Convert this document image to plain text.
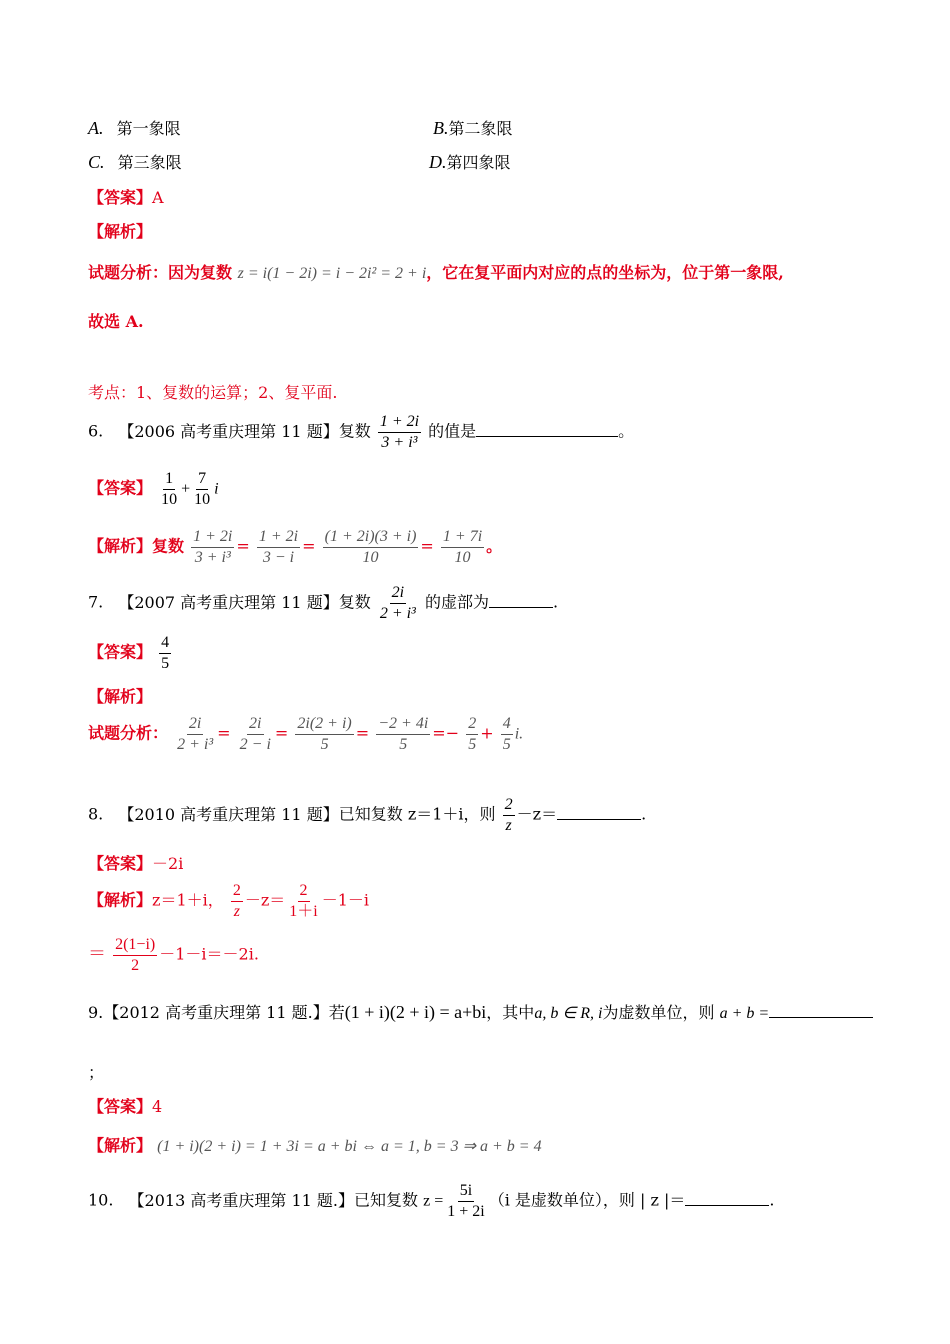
A. 第一象限	B.第二象限
C. 第三象限	D.第四象限
【答案】A
【解析】
试题分析：因为复数 z = i(1 − 2i) = i − 2i² = 2 + i，它在复平面内对应的点的坐标为，位于第一象限,
故选 A.
考点：1、复数的运算；2、复平面.
6. 【2006 高考重庆理第 11 题】复数 $\frac{1 + 2i}{\text{3 + i³}}$ 的值是	。
【答案】 $\frac{1}{10} + \frac{7}{10}$ i
【解析】复数 $\frac{1 + 2i}{\text{3 + i³}} = \frac{1 + 2i}{3 - i} = \frac{(1 + 2i)(3 + i)}{10} = \frac{1 + 7i}{10}$ 。
7. 【2007 高考重庆理第 11 题】复数 $\frac{2i}{\text{2 + i³}}$ 的虚部为	.
【答案】 $\frac{4}{5}$
【解析】
试题分析： $\frac{2i}{\text{2 + i³}} = \frac{2i}{2 - i} = \frac{2i(2 + i)}{5} = \frac{-2 + 4i}{5} =- \frac{2}{5} + \frac{4}{5} i$.
8. 【2010 高考重庆理第 11 题】已知复数 z＝1＋i，则 $\frac{2}{z} -z=$	.
【答案】－2i
【解析】z＝1＋i， $\frac{2}{z} -z= \frac{2}{1+i} -1-i$
＝ $\frac{2(1-i)}{2} -1-i=-2i$.
9.【2012 高考重庆理第 11 题.】若(1 + i)(2 + i) = a+bi，其中a, b ∈ R, i为虚数单位，则 a + b =
；
【答案】4
【解析】 (1 + i)(2 + i) = 1 + 3i = a + bi ⇔ a = 1, b = 3 ⇒ a + b = 4
10. 【2013 高考重庆理第 11 题.】已知复数 $z = \frac{5i}{1 + 2i} (i$ 是虚数单位），则 | z |＝	.
